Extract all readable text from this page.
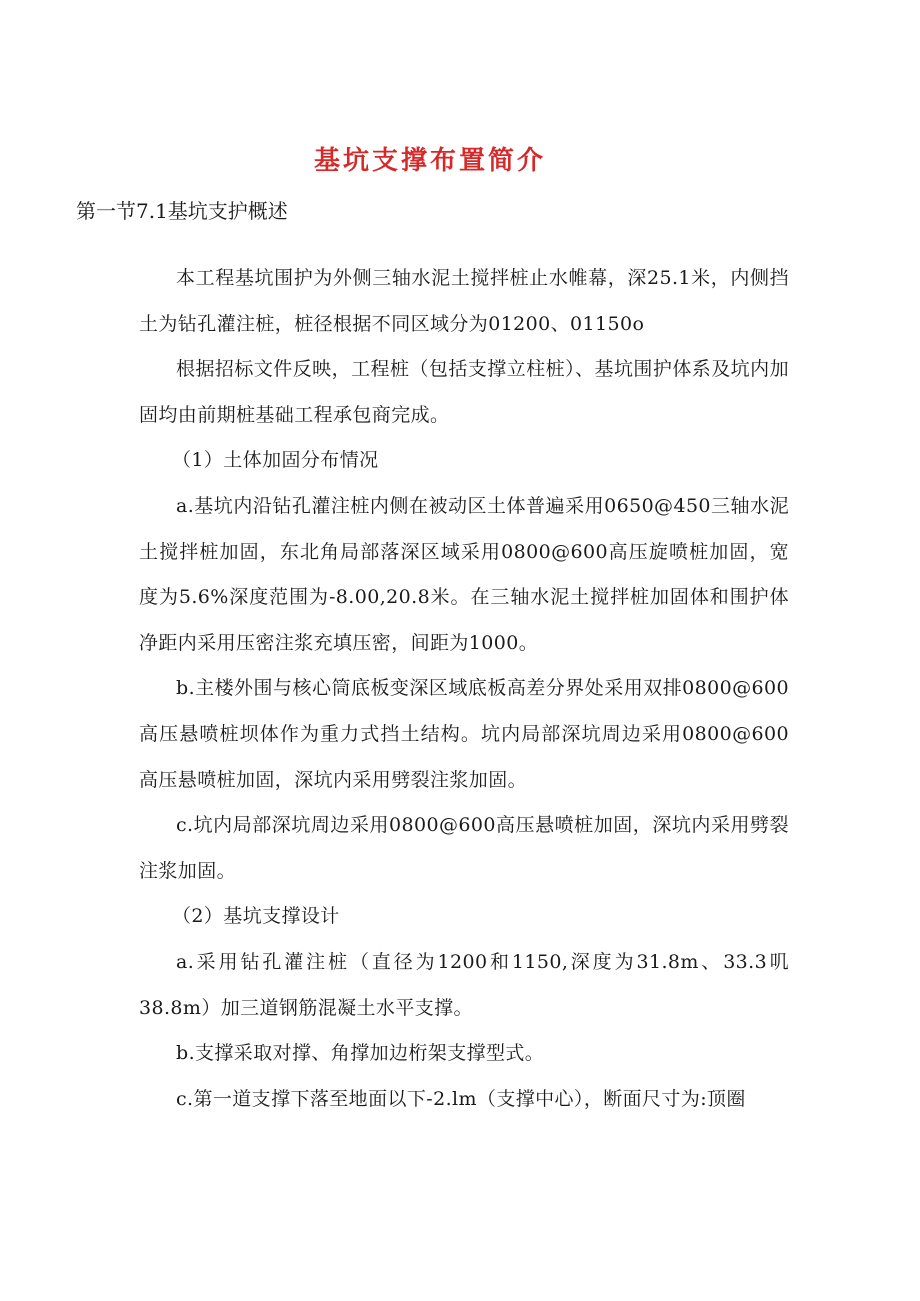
基坑支撑布置简介
第一节7.1基坑支护概述

本工程基坑围护为外侧三轴水泥土搅拌桩止水帷幕，深25.1米，内侧挡土为钻孔灌注桩，桩径根据不同区域分为01200、01150o

根据招标文件反映，工程桩（包括支撑立柱桩）、基坑围护体系及坑内加固均由前期桩基础工程承包商完成。

（1）土体加固分布情况

a.基坑内沿钻孔灌注桩内侧在被动区土体普遍采用0650@450三轴水泥土搅拌桩加固，东北角局部落深区域采用0800@600高压旋喷桩加固，宽度为5.6%深度范围为-8.00,20.8米。在三轴水泥土搅拌桩加固体和围护体净距内采用压密注浆充填压密，间距为1000。

b.主楼外围与核心筒底板变深区域底板高差分界处采用双排0800@600高压悬喷桩坝体作为重力式挡土结构。坑内局部深坑周边采用0800@600高压悬喷桩加固，深坑内采用劈裂注浆加固。

c.坑内局部深坑周边采用0800@600高压悬喷桩加固，深坑内采用劈裂注浆加固。

（2）基坑支撑设计

a.采用钻孔灌注桩（直径为1200和1150,深度为31.8m、33.3叽38.8m）加三道钢筋混凝土水平支撑。

b.支撑采取对撑、角撑加边桁架支撑型式。

c.第一道支撑下落至地面以下-2.lm（支撑中心），断面尺寸为:顶圈
